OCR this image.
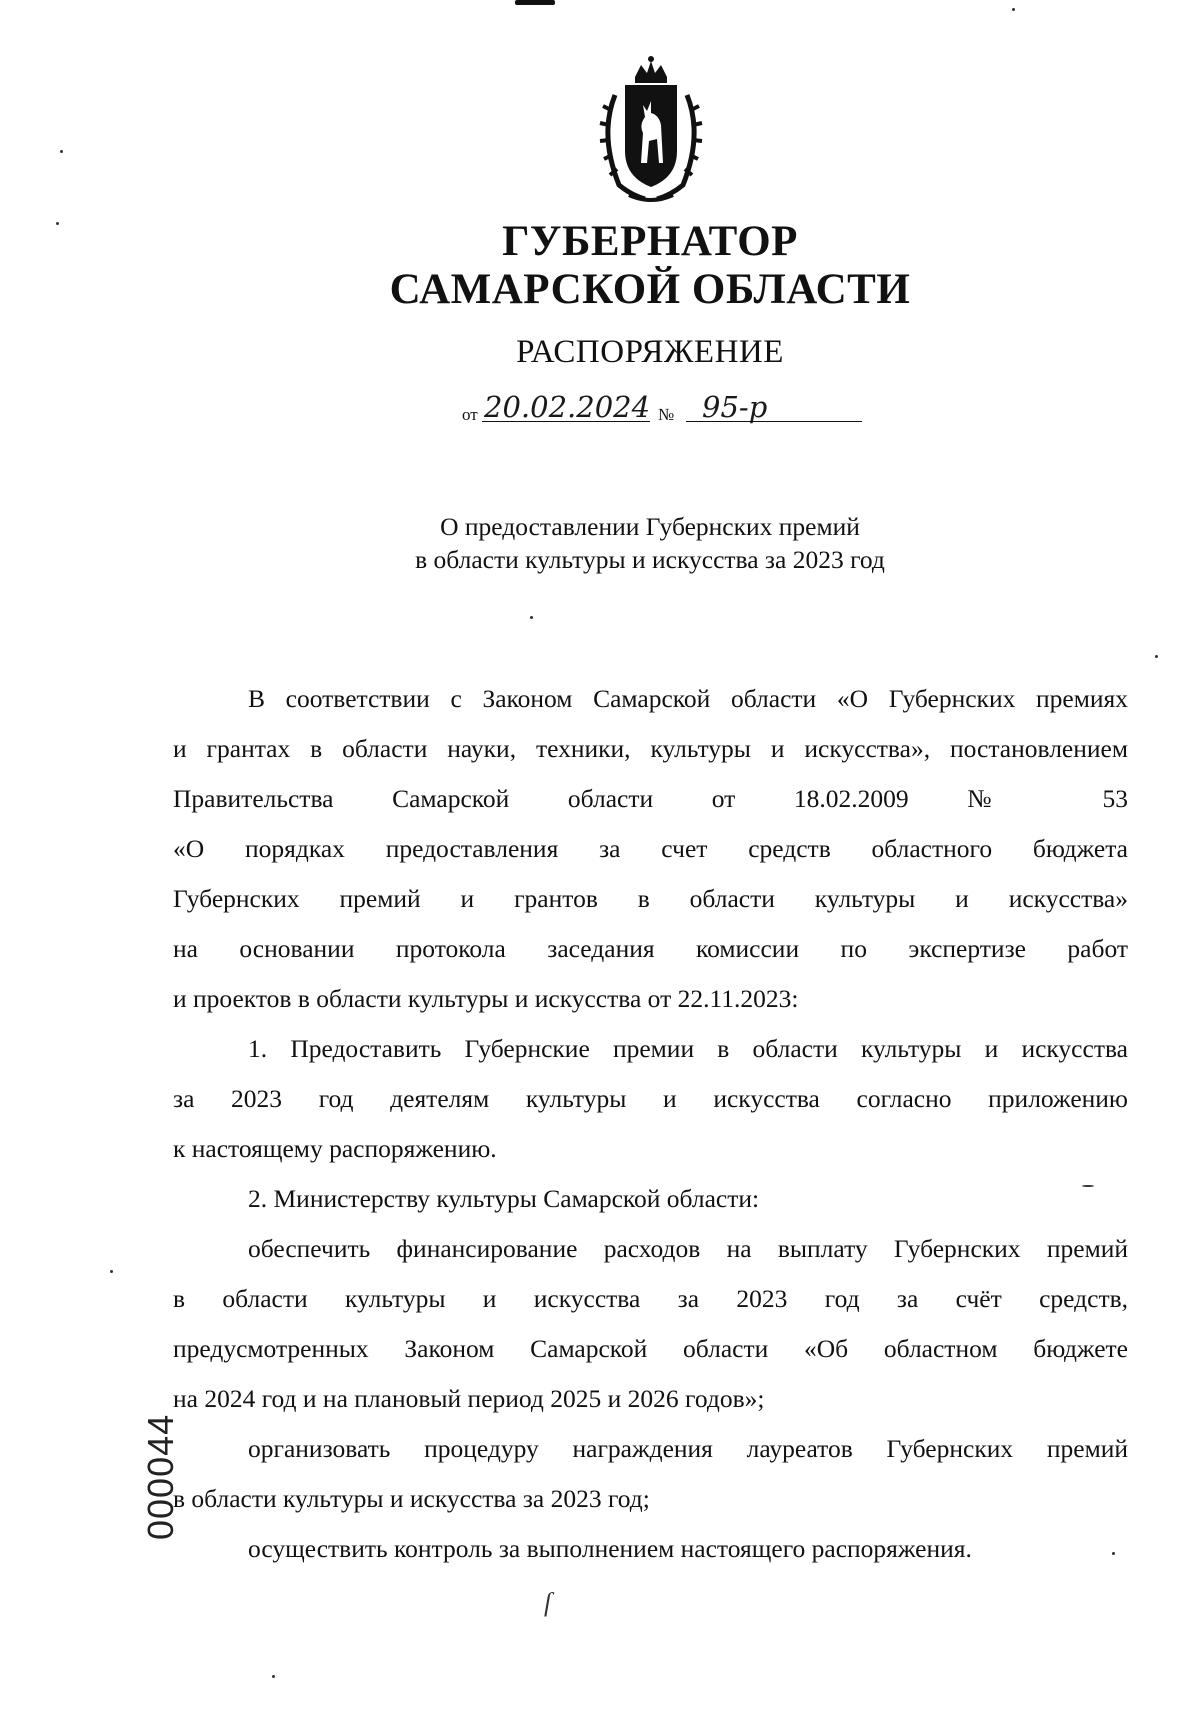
ГУБЕРНАТОР
САМАРСКОЙ ОБЛАСТИ
РАСПОРЯЖЕНИЕ
от 20.02.2024 № 95-р
О предоставлении Губернских премий
в области культуры и искусства за 2023 год
В соответствии с Законом Самарской области «О Губернских премиях
и грантах в области науки, техники, культуры и искусства», постановлением
Правительства Самарской области от 18.02.2009 № 53
«О порядках предоставления за счет средств областного бюджета
Губернских премий и грантов в области культуры и искусства»
на основании протокола заседания комиссии по экспертизе работ
и проектов в области культуры и искусства от 22.11.2023:
1. Предоставить Губернские премии в области культуры и искусства
за 2023 год деятелям культуры и искусства согласно приложению
к настоящему распоряжению.
2. Министерству культуры Самарской области:
обеспечить финансирование расходов на выплату Губернских премий
в области культуры и искусства за 2023 год за счёт средств,
предусмотренных Законом Самарской области «Об областном бюджете
на 2024 год и на плановый период 2025 и 2026 годов»;
организовать процедуру награждения лауреатов Губернских премий
в области культуры и искусства за 2023 год;
осуществить контроль за выполнением настоящего распоряжения.
000044
ſ
